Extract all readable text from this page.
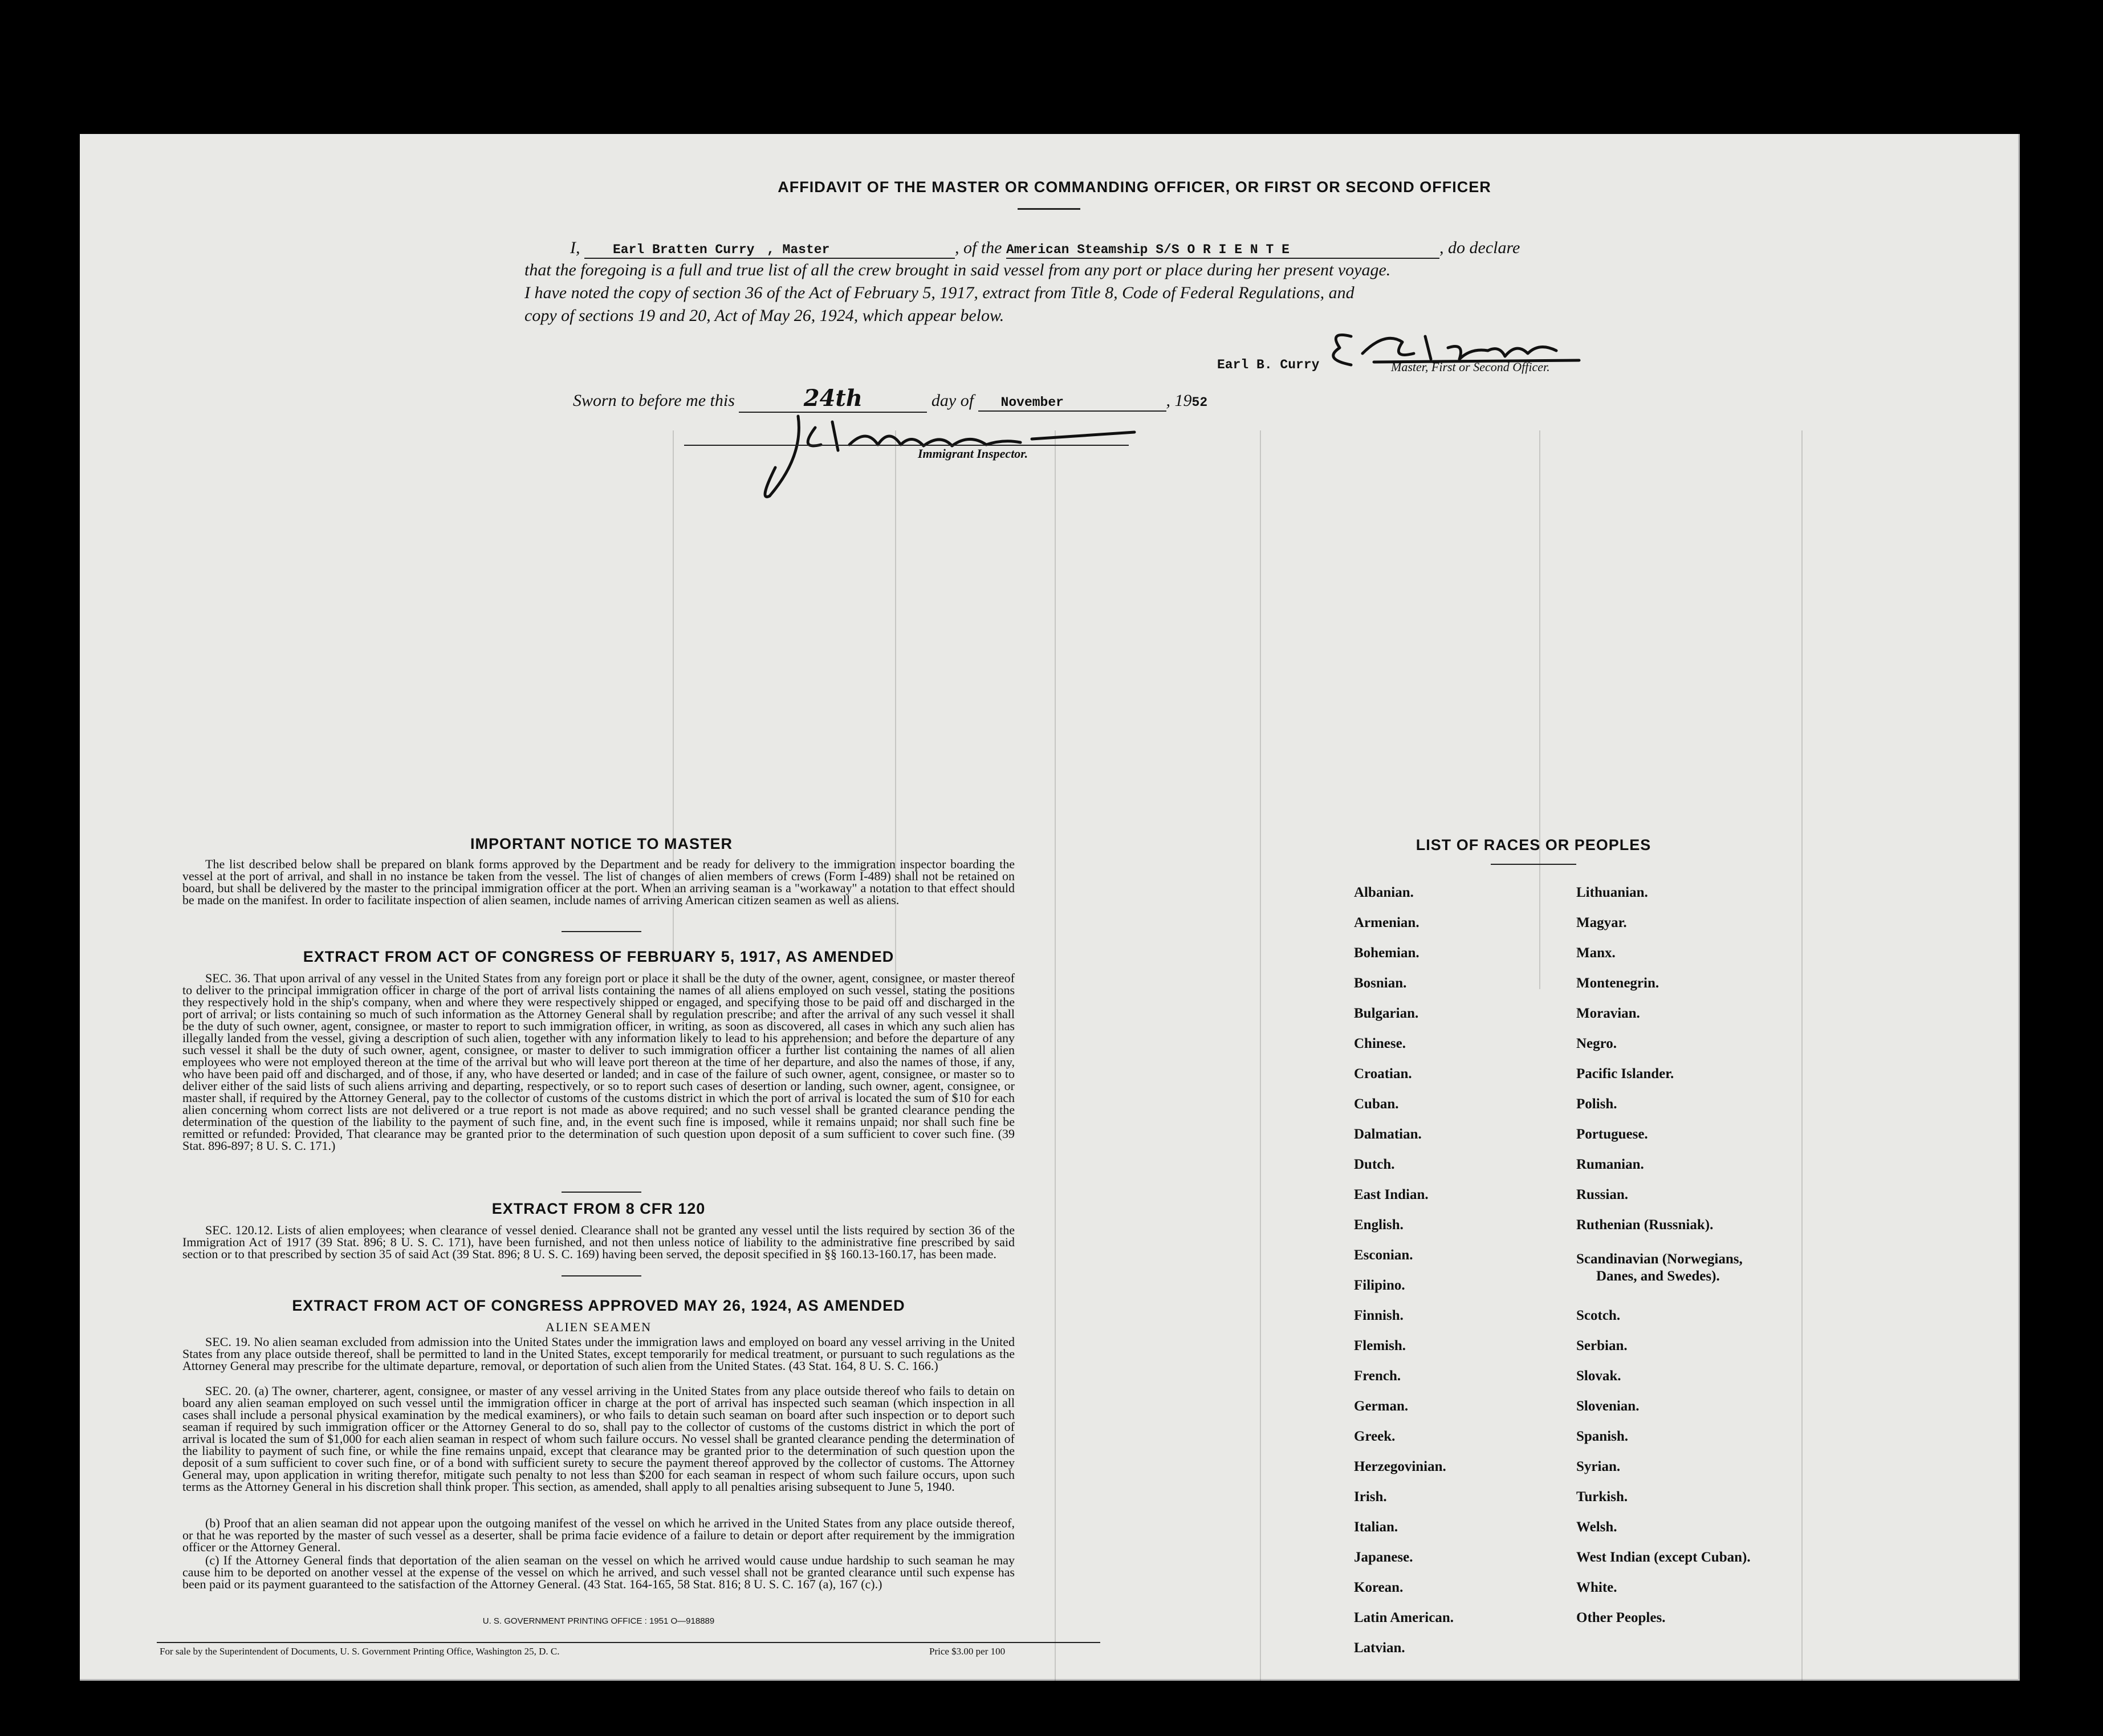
AFFIDAVIT OF THE MASTER OR COMMANDING OFFICER, OR FIRST OR SECOND OFFICER
I,	Earl Bratten Curry , Master	, of the American Steamship S/S O R I E N T E	, do declare
that the foregoing is a full and true list of all the crew brought in said vessel from any port or place during her present voyage.
I have noted the copy of section 36 of the Act of February 5, 1917, extract from Title 8, Code of Federal Regulations, and
copy of sections 19 and 20, Act of May 26, 1924, which appear below.
Earl B. Curry	Master, First or Second Officer.
Sworn to before me this	24th	day of November	, 1952
Immigrant Inspector.
IMPORTANT NOTICE TO MASTER
The list described below shall be prepared on blank forms approved by the Department and be ready for delivery to the immigration inspector boarding the vessel at the port of arrival, and shall in no instance be taken from the vessel. The list of changes of alien members of crews (Form I-489) shall not be retained on board, but shall be delivered by the master to the principal immigration officer at the port. When an arriving seaman is a "workaway" a notation to that effect should be made on the manifest. In order to facilitate inspection of alien seamen, include names of arriving American citizen seamen as well as aliens.
EXTRACT FROM ACT OF CONGRESS OF FEBRUARY 5, 1917, AS AMENDED
SEC. 36. That upon arrival of any vessel in the United States from any foreign port or place it shall be the duty of the owner, agent, consignee, or master thereof to deliver to the principal immigration officer in charge of the port of arrival lists containing the names of all aliens employed on such vessel, stating the positions they respectively hold in the ship's company, when and where they were respectively shipped or engaged, and specifying those to be paid off and discharged in the port of arrival; or lists containing so much of such information as the Attorney General shall by regulation prescribe; and after the arrival of any such vessel it shall be the duty of such owner, agent, consignee, or master to report to such immigration officer, in writing, as soon as discovered, all cases in which any such alien has illegally landed from the vessel, giving a description of such alien, together with any information likely to lead to his apprehension; and before the departure of any such vessel it shall be the duty of such owner, agent, consignee, or master to deliver to such immigration officer a further list containing the names of all alien employees who were not employed thereon at the time of the arrival but who will leave port thereon at the time of her departure, and also the names of those, if any, who have been paid off and discharged, and of those, if any, who have deserted or landed; and in case of the failure of such owner, agent, consignee, or master so to deliver either of the said lists of such aliens arriving and departing, respectively, or so to report such cases of desertion or landing, such owner, agent, consignee, or master shall, if required by the Attorney General, pay to the collector of customs of the customs district in which the port of arrival is located the sum of $10 for each alien concerning whom correct lists are not delivered or a true report is not made as above required; and no such vessel shall be granted clearance pending the determination of the question of the liability to the payment of such fine, and, in the event such fine is imposed, while it remains unpaid; nor shall such fine be remitted or refunded: Provided, That clearance may be granted prior to the determination of such question upon deposit of a sum sufficient to cover such fine. (39 Stat. 896-897; 8 U. S. C. 171.)
EXTRACT FROM 8 CFR 120
SEC. 120.12. Lists of alien employees; when clearance of vessel denied. Clearance shall not be granted any vessel until the lists required by section 36 of the Immigration Act of 1917 (39 Stat. 896; 8 U. S. C. 171), have been furnished, and not then unless notice of liability to the administrative fine prescribed by said section or to that prescribed by section 35 of said Act (39 Stat. 896; 8 U. S. C. 169) having been served, the deposit specified in §§ 160.13-160.17, has been made.
EXTRACT FROM ACT OF CONGRESS APPROVED MAY 26, 1924, AS AMENDED
ALIEN SEAMEN
SEC. 19. No alien seaman excluded from admission into the United States under the immigration laws and employed on board any vessel arriving in the United States from any place outside thereof, shall be permitted to land in the United States, except temporarily for medical treatment, or pursuant to such regulations as the Attorney General may prescribe for the ultimate departure, removal, or deportation of such alien from the United States. (43 Stat. 164, 8 U. S. C. 166.)
SEC. 20. (a) The owner, charterer, agent, consignee, or master of any vessel arriving in the United States from any place outside thereof who fails to detain on board any alien seaman employed on such vessel until the immigration officer in charge at the port of arrival has inspected such seaman (which inspection in all cases shall include a personal physical examination by the medical examiners), or who fails to detain such seaman on board after such inspection or to deport such seaman if required by such immigration officer or the Attorney General to do so, shall pay to the collector of customs of the customs district in which the port of arrival is located the sum of $1,000 for each alien seaman in respect of whom such failure occurs. No vessel shall be granted clearance pending the determination of the liability to payment of such fine, or while the fine remains unpaid, except that clearance may be granted prior to the determination of such question upon the deposit of a sum sufficient to cover such fine, or of a bond with sufficient surety to secure the payment thereof approved by the collector of customs. The Attorney General may, upon application in writing therefor, mitigate such penalty to not less than $200 for each seaman in respect of whom such failure occurs, upon such terms as the Attorney General in his discretion shall think proper. This section, as amended, shall apply to all penalties arising subsequent to June 5, 1940.
(b) Proof that an alien seaman did not appear upon the outgoing manifest of the vessel on which he arrived in the United States from any place outside thereof, or that he was reported by the master of such vessel as a deserter, shall be prima facie evidence of a failure to detain or deport after requirement by the immigration officer or the Attorney General.
(c) If the Attorney General finds that deportation of the alien seaman on the vessel on which he arrived would cause undue hardship to such seaman he may cause him to be deported on another vessel at the expense of the vessel on which he arrived, and such vessel shall not be granted clearance until such expense has been paid or its payment guaranteed to the satisfaction of the Attorney General. (43 Stat. 164-165, 58 Stat. 816; 8 U. S. C. 167 (a), 167 (c).)
U. S. GOVERNMENT PRINTING OFFICE : 1951 O—918889
For sale by the Superintendent of Documents, U. S. Government Printing Office, Washington 25, D. C.	Price $3.00 per 100
LIST OF RACES OR PEOPLES
Albanian.
Armenian.
Bohemian.
Bosnian.
Bulgarian.
Chinese.
Croatian.
Cuban.
Dalmatian.
Dutch.
East Indian.
English.
Esconian.
Filipino.
Finnish.
Flemish.
French.
German.
Greek.
Herzegovinian.
Irish.
Italian.
Japanese.
Korean.
Latin American.
Latvian.
Lithuanian.
Magyar.
Manx.
Montenegrin.
Moravian.
Negro.
Pacific Islander.
Polish.
Portuguese.
Rumanian.
Russian.
Ruthenian (Russniak).
Scandinavian (Norwegians,
Danes, and Swedes).
Scotch.
Serbian.
Slovak.
Slovenian.
Spanish.
Syrian.
Turkish.
Welsh.
West Indian (except Cuban).
White.
Other Peoples.
